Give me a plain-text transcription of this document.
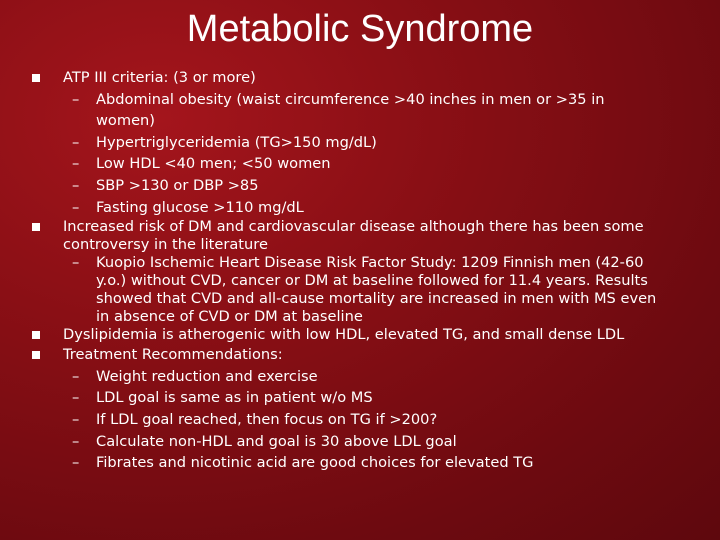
Metabolic Syndrome
ATP III criteria: (3 or more)
– Abdominal obesity (waist circumference >40 inches in men or >35 in women)
– Hypertriglyceridemia (TG>150 mg/dL)
– Low HDL <40 men; <50 women
– SBP >130 or DBP >85
– Fasting glucose >110 mg/dL
Increased risk of DM and cardiovascular disease although there has been some controversy in the literature
– Kuopio Ischemic Heart Disease Risk Factor Study: 1209 Finnish men (42-60 y.o.) without CVD, cancer or DM at baseline followed for 11.4 years. Results showed that CVD and all-cause mortality are increased in men with MS even in absence of CVD or DM at baseline
Dyslipidemia is atherogenic with low HDL, elevated TG, and small dense LDL
Treatment Recommendations:
– Weight reduction and exercise
– LDL goal is same as in patient w/o MS
– If LDL goal reached, then focus on TG if >200?
– Calculate non-HDL and goal is 30 above LDL goal
– Fibrates and nicotinic acid are good choices for elevated TG
